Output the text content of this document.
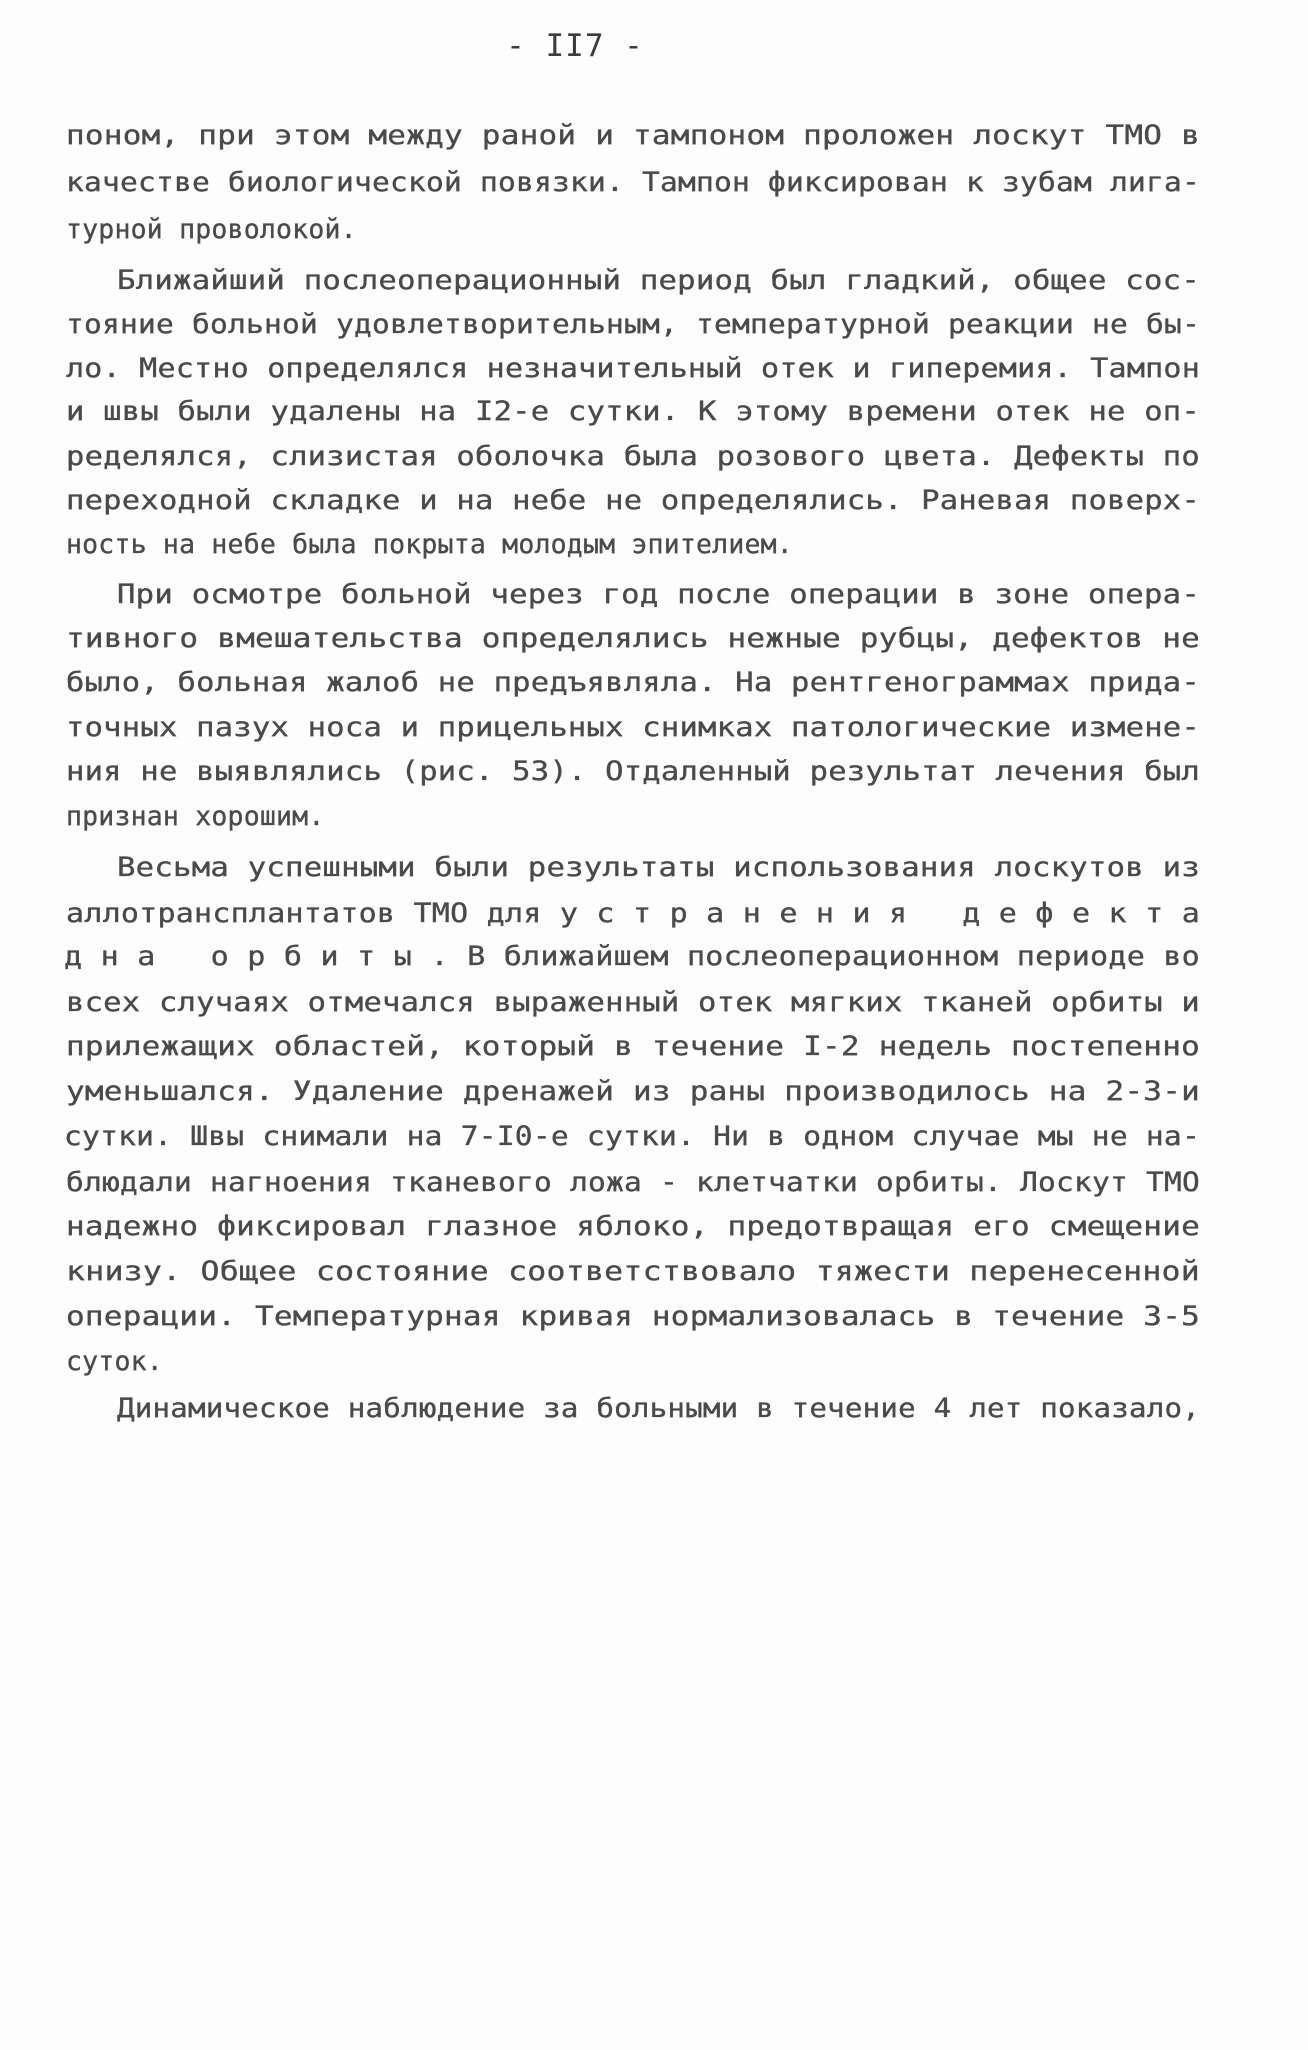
- II7 -
поном, при этом между раной и тампоном проложен лоскут ТМО в
качестве биологической повязки. Тампон фиксирован к зубам лига-
турной проволокой.
Ближайший послеоперационный период был гладкий, общее сос-
тояние больной удовлетворительным, температурной реакции не бы-
ло. Местно определялся незначительный отек и гиперемия. Тампон
и швы были удалены на I2-е сутки. К этому времени отек не оп-
ределялся, слизистая оболочка была розового цвета. Дефекты по
переходной складке и на небе не определялись. Раневая поверх-
ность на небе была покрыта молодым эпителием.
При осмотре больной через год после операции в зоне опера-
тивного вмешательства определялись нежные рубцы, дефектов не
было, больная жалоб не предъявляла. На рентгенограммах прида-
точных пазух носа и прицельных снимках патологические измене-
ния не выявлялись (рис. 53). Отдаленный результат лечения был
признан хорошим.
Весьма успешными были результаты использования лоскутов из
аллотрансплантатов ТМО для у с т р а н е н и я   д е ф е к т а
д н а   о р б и т ы . В ближайшем послеоперационном периоде во
всех случаях отмечался выраженный отек мягких тканей орбиты и
прилежащих областей, который в течение I-2 недель постепенно
уменьшался. Удаление дренажей из раны производилось на 2-3-и
сутки. Швы снимали на 7-I0-е сутки. Ни в одном случае мы не на-
блюдали нагноения тканевого ложа - клетчатки орбиты. Лоскут ТМО
надежно фиксировал глазное яблоко, предотвращая его смещение
книзу. Общее состояние соответствовало тяжести перенесенной
операции. Температурная кривая нормализовалась в течение 3-5
суток.
Динамическое наблюдение за больными в течение 4 лет показало,
